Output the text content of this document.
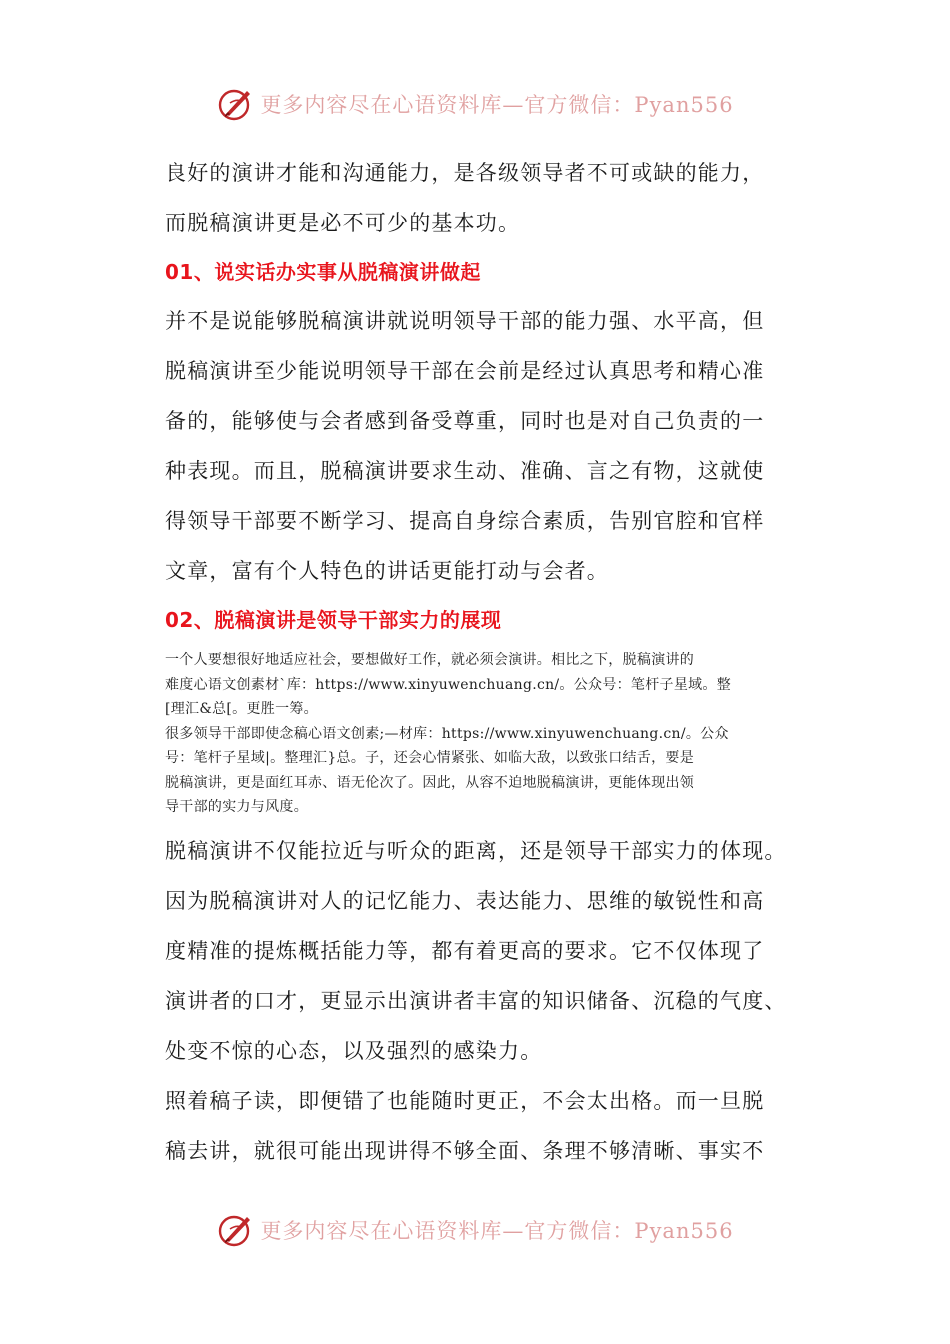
更多内容尽在心语资料库—官方微信：Pyan556

良好的演讲才能和沟通能力，是各级领导者不可或缺的能力，

而脱稿演讲更是必不可少的基本功。

01、说实话办实事从脱稿演讲做起

并不是说能够脱稿演讲就说明领导干部的能力强、水平高，但

脱稿演讲至少能说明领导干部在会前是经过认真思考和精心准

备的，能够使与会者感到备受尊重，同时也是对自己负责的一

种表现。而且，脱稿演讲要求生动、准确、言之有物，这就使

得领导干部要不断学习、提高自身综合素质，告别官腔和官样

文章，富有个人特色的讲话更能打动与会者。

02、脱稿演讲是领导干部实力的展现

一个人要想很好地适应社会，要想做好工作，就必须会演讲。相比之下，脱稿演讲的

难度心语文创素材`库：https://www.xinyuwenchuang.cn/。公众号：笔杆子星域。整

[理汇&总[。更胜一筹。

很多领导干部即使念稿心语文创素;—材库：https://www.xinyuwenchuang.cn/。公众

号：笔杆子星域|。整理汇}总。子，还会心情紧张、如临大敌，以致张口结舌，要是

脱稿演讲，更是面红耳赤、语无伦次了。因此，从容不迫地脱稿演讲，更能体现出领

导干部的实力与风度。

脱稿演讲不仅能拉近与听众的距离，还是领导干部实力的体现。

因为脱稿演讲对人的记忆能力、表达能力、思维的敏锐性和高

度精准的提炼概括能力等，都有着更高的要求。它不仅体现了

演讲者的口才，更显示出演讲者丰富的知识储备、沉稳的气度、

处变不惊的心态，以及强烈的感染力。

照着稿子读，即便错了也能随时更正，不会太出格。而一旦脱

稿去讲，就很可能出现讲得不够全面、条理不够清晰、事实不

更多内容尽在心语资料库—官方微信：Pyan556
